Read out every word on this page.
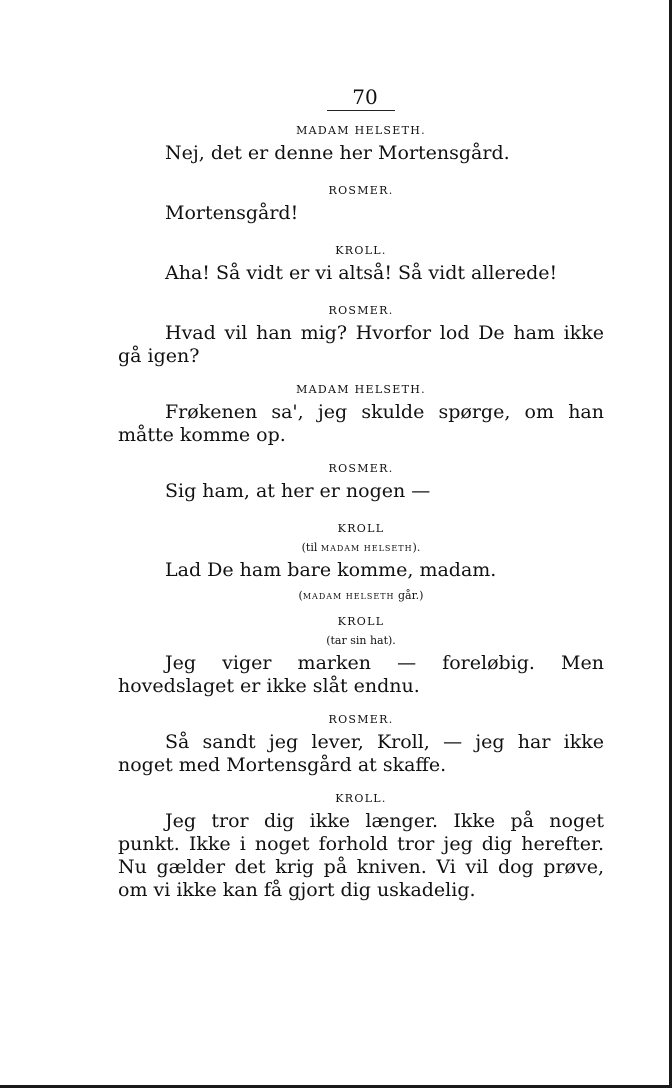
70
MADAM HELSETH.

Nej, det er denne her Mortensgård.

ROSMER.

Mortensgård!

KROLL.

Aha! Så vidt er vi altså! Så vidt allerede!

ROSMER.

Hvad vil han mig? Hvorfor lod De ham ikke gå igen?

MADAM HELSETH.

Frøkenen sa', jeg skulde spørge, om han måtte komme op.

ROSMER.

Sig ham, at her er nogen —

KROLL
(til MADAM HELSETH).

Lad De ham bare komme, madam.

(MADAM HELSETH går.)
KROLL
(tar sin hat).

Jeg viger marken — foreløbig. Men hovedslaget er ikke slåt endnu.

ROSMER.

Så sandt jeg lever, Kroll, — jeg har ikke noget med Mortensgård at skaffe.

KROLL.

Jeg tror dig ikke længer. Ikke på noget punkt. Ikke i noget forhold tror jeg dig herefter. Nu gælder det krig på kniven. Vi vil dog prøve, om vi ikke kan få gjort dig uskadelig.
